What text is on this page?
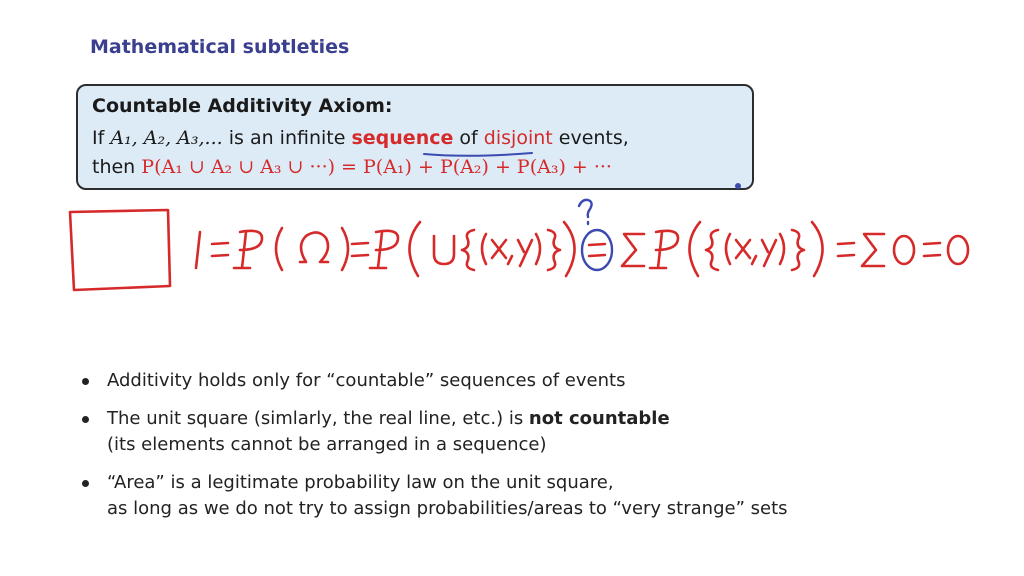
Mathematical subtleties
Countable Additivity Axiom:
If A₁, A₂, A₃,... is an infinite sequence of disjoint events,
then P(A₁ ∪ A₂ ∪ A₃ ∪ ···) = P(A₁) + P(A₂) + P(A₃) + ···
Additivity holds only for “countable” sequences of events
The unit square (simlarly, the real line, etc.) is not countable
(its elements cannot be arranged in a sequence)
“Area” is a legitimate probability law on the unit square,
as long as we do not try to assign probabilities/areas to “very strange” sets
